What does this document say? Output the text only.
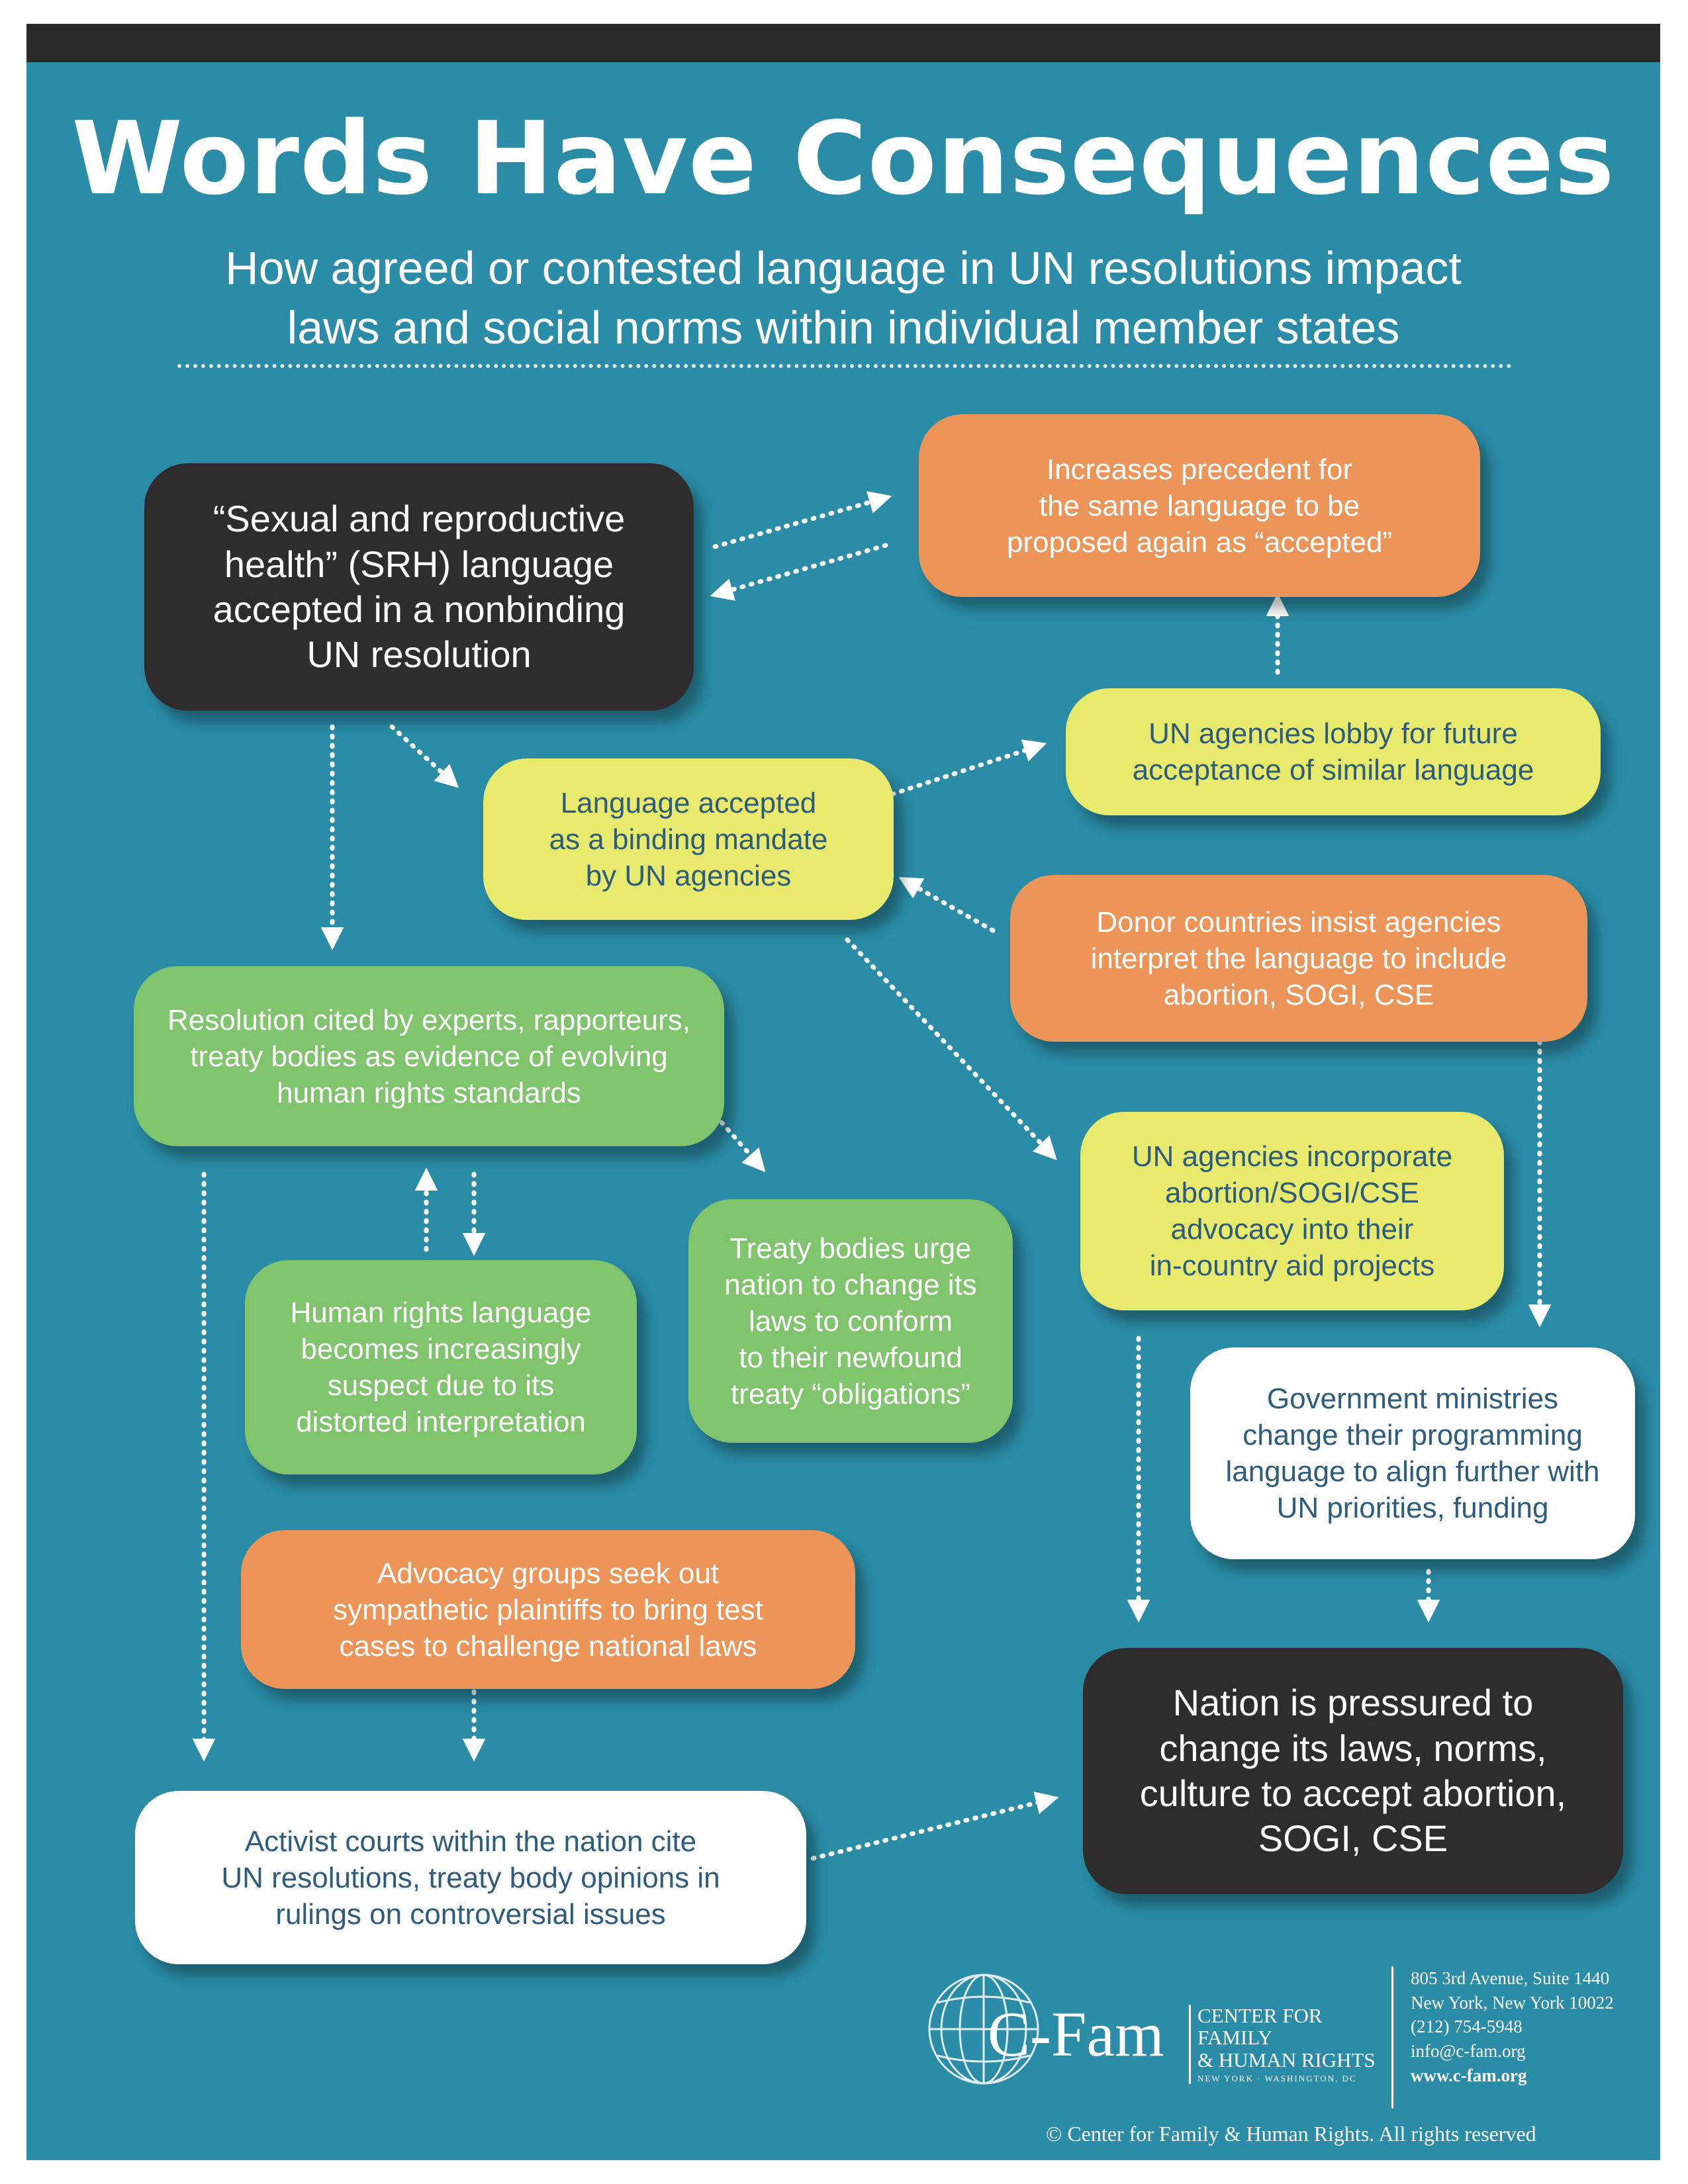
Words Have Consequences
How agreed or contested language in UN resolutions impact
laws and social norms within individual member states
“Sexual and reproductive
health” (SRH) language
accepted in a nonbinding
UN resolution
Increases precedent for
the same language to be
proposed again as “accepted”
UN agencies lobby for future
acceptance of similar language
Language accepted
as a binding mandate
by UN agencies
Donor countries insist agencies
interpret the language to include
abortion, SOGI, CSE
Resolution cited by experts, rapporteurs,
treaty bodies as evidence of evolving
human rights standards
UN agencies incorporate
abortion/SOGI/CSE
advocacy into their
in-country aid projects
Treaty bodies urge
nation to change its
laws to conform
to their newfound
treaty “obligations”
Human rights language
becomes increasingly
suspect due to its
distorted interpretation
Government ministries
change their programming
language to align further with
UN priorities, funding
Advocacy groups seek out
sympathetic plaintiffs to bring test
cases to challenge national laws
Nation is pressured to
change its laws, norms,
culture to accept abortion,
SOGI, CSE
Activist courts within the nation cite
UN resolutions, treaty body opinions in
rulings on controversial issues
C-Fam CENTER FOR FAMILY
& HUMAN RIGHTS
NEW YORK · WASHINGTON, DC
805 3rd Avenue, Suite 1440
New York, New York 10022
(212) 754-5948
info@c-fam.org
www.c-fam.org
© Center for Family & Human Rights. All rights reserved
